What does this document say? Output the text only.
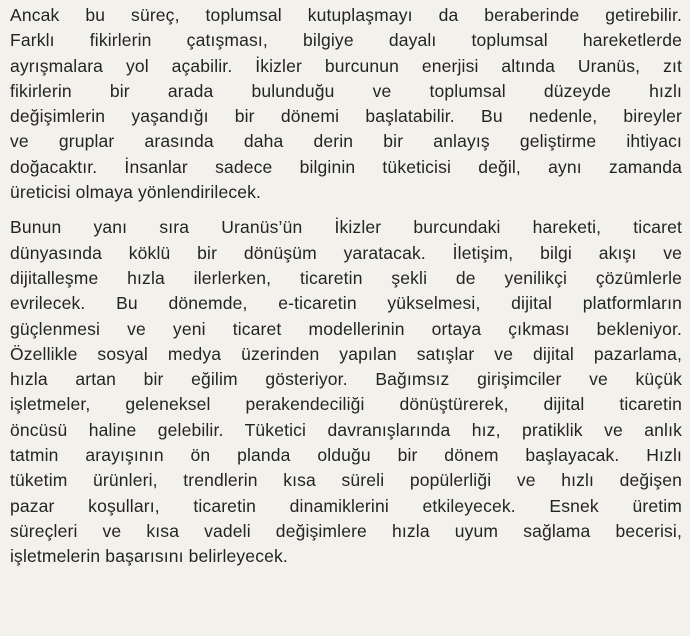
Ancak bu süreç, toplumsal kutuplaşmayı da beraberinde getirebilir.
Farklı fikirlerin çatışması, bilgiye dayalı toplumsal hareketlerde
ayrışmalara yol açabilir. İkizler burcunun enerjisi altında Uranüs, zıt
fikirlerin bir arada bulunduğu ve toplumsal düzeyde hızlı
değişimlerin yaşandığı bir dönemi başlatabilir. Bu nedenle, bireyler
ve gruplar arasında daha derin bir anlayış geliştirme ihtiyacı
doğacaktır. İnsanlar sadece bilginin tüketicisi değil, aynı zamanda
üreticisi olmaya yönlendirilecek.

Bunun yanı sıra Uranüs’ün İkizler burcundaki hareketi, ticaret
dünyasında köklü bir dönüşüm yaratacak. İletişim, bilgi akışı ve
dijitalleşme hızla ilerlerken, ticaretin şekli de yenilikçi çözümlerle
evrilecek. Bu dönemde, e-ticaretin yükselmesi, dijital platformların
güçlenmesi ve yeni ticaret modellerinin ortaya çıkması bekleniyor.
Özellikle sosyal medya üzerinden yapılan satışlar ve dijital pazarlama,
hızla artan bir eğilim gösteriyor. Bağımsız girişimciler ve küçük
işletmeler, geleneksel perakendeciliği dönüştürerek, dijital ticaretin
öncüsü haline gelebilir. Tüketici davranışlarında hız, pratiklik ve anlık
tatmin arayışının ön planda olduğu bir dönem başlayacak. Hızlı
tüketim ürünleri, trendlerin kısa süreli popülerliği ve hızlı değişen
pazar koşulları, ticaretin dinamiklerini etkileyecek. Esnek üretim
süreçleri ve kısa vadeli değişimlere hızla uyum sağlama becerisi,
işletmelerin başarısını belirleyecek.
